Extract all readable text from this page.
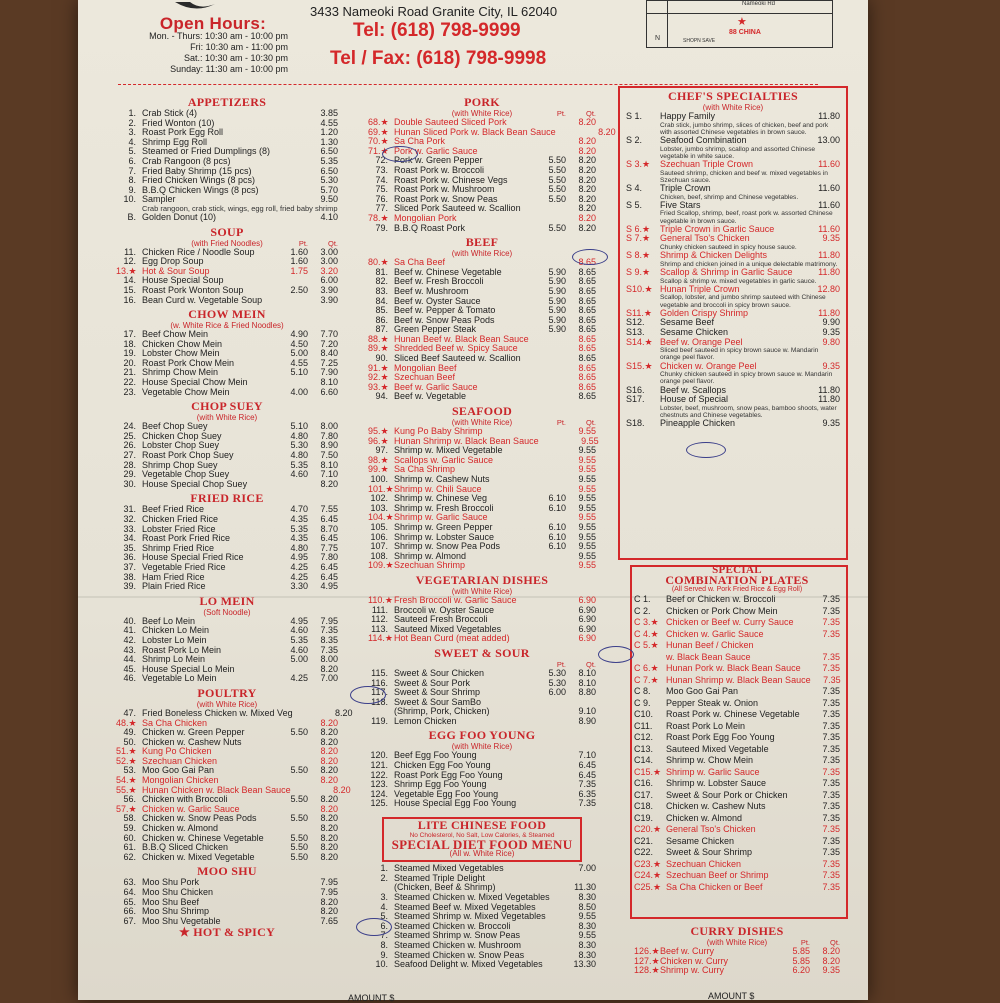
Open Hours:
Mon. - Thurs: 10:30 am - 10:00 pm
Fri: 10:30 am - 11:00 pm
Sat.: 10:30 am - 10:30 pm
Sunday: 11:30 am - 10:00 pm
3433 Nameoki Road Granite City, IL 62040
Tel: (618) 798-9999
Tel / Fax: (618) 798-9998
Nameoki Rd
★
88 CHINA
SHOPN SAVE
N
APPETIZERS
1. Crab Stick (4)	3.85
2. Fried Wonton (10)	4.55
3. Roast Pork Egg Roll	1.20
4. Shrimp Egg Roll	1.30
5. Steamed or Fried Dumplings (8)	6.50
6. Crab Rangoon (8 pcs)	5.35
7. Fried Baby Shrimp (15 pcs)	6.50
8. Fried Chicken Wings (8 pcs)	5.30
9. B.B.Q Chicken Wings (8 pcs)	5.70
10. Sampler	9.50
Crab rangoon, crab stick, wings, egg roll, fried baby shrimp
B. Golden Donut (10)	4.10
SOUP
(with Fried Noodles)	Pt.	Qt.
11. Chicken Rice / Noodle Soup	1.60	3.00
12. Egg Drop Soup	1.60	3.00
13.★ Hot & Sour Soup	1.75	3.20
14. House Special Soup	6.00
15. Roast Pork Wonton Soup	2.50	3.90
16. Bean Curd w. Vegetable Soup	3.90
CHOW MEIN
(w. White Rice & Fried Noodles)
17. Beef Chow Mein	4.90	7.70
18. Chicken Chow Mein	4.50	7.20
19. Lobster Chow Mein	5.00	8.40
20. Roast Pork Chow Mein	4.55	7.25
21. Shrimp Chow Mein	5.10	7.90
22. House Special Chow Mein	8.10
23. Vegetable Chow Mein	4.00	6.60
CHOP SUEY
(with White Rice)
24. Beef Chop Suey	5.10	8.00
25. Chicken Chop Suey	4.80	7.80
26. Lobster Chop Suey	5.30	8.90
27. Roast Pork Chop Suey	4.80	7.50
28. Shrimp Chop Suey	5.35	8.10
29. Vegetable Chop Suey	4.60	7.10
30. House Special Chop Suey	8.20
FRIED RICE
31. Beef Fried Rice	4.70	7.55
32. Chicken Fried Rice	4.35	6.45
33. Lobster Fried Rice	5.35	8.70
34. Roast Pork Fried Rice	4.35	6.45
35. Shrimp Fried Rice	4.80	7.75
36. House Special Fried Rice	4.95	7.80
37. Vegetable Fried Rice	4.25	6.45
38. Ham Fried Rice	4.25	6.45
39. Plain Fried Rice	3.30	4.95
LO MEIN
(Soft Noodle)
40. Beef Lo Mein	4.95	7.95
41. Chicken Lo Mein	4.60	7.35
42. Lobster Lo Mein	5.35	8.35
43. Roast Pork Lo Mein	4.60	7.35
44. Shrimp Lo Mein	5.00	8.00
45. House Special Lo Mein	8.20
46. Vegetable Lo Mein	4.25	7.00
POULTRY
(with White Rice)
47. Fried Boneless Chicken w. Mixed Veg	8.20
48.★ Sa Cha Chicken	8.20
49. Chicken w. Green Pepper	5.50	8.20
50. Chicken w. Cashew Nuts	8.20
51.★ Kung Po Chicken	8.20
52.★ Szechuan Chicken	8.20
53. Moo Goo Gai Pan	5.50	8.20
54.★ Mongolian Chicken	8.20
55.★ Hunan Chicken w. Black Bean Sauce	8.20
56. Chicken with Broccoli	5.50	8.20
57.★ Chicken w. Garlic Sauce	8.20
58. Chicken w. Snow Peas Pods	5.50	8.20
59. Chicken w. Almond	8.20
60. Chicken w. Chinese Vegetable	5.50	8.20
61. B.B.Q Sliced Chicken	5.50	8.20
62. Chicken w. Mixed Vegetable	5.50	8.20
MOO SHU
63. Moo Shu Pork	7.95
64. Moo Shu Chicken	7.95
65. Moo Shu Beef	8.20
66. Moo Shu Shrimp	8.20
67. Moo Shu Vegetable	7.65
★ HOT & SPICY
PORK
(with White Rice)	Pt.	Qt.
68.★ Double Sauteed Sliced Pork	8.20
69.★ Hunan Sliced Pork w. Black Bean Sauce	8.20
70.★ Sa Cha Pork	8.20
71.★ Pork w. Garlic Sauce	8.20
72. Pork w. Green Pepper	5.50	8.20
73. Roast Pork w. Broccoli	5.50	8.20
74. Roast Pork w. Chinese Vegs	5.50	8.20
75. Roast Pork w. Mushroom	5.50	8.20
76. Roast Pork w. Snow Peas	5.50	8.20
77. Sliced Pork Sauteed w. Scallion	8.20
78.★ Mongolian Pork	8.20
79. B.B.Q Roast Pork	5.50	8.20
BEEF
(with White Rice)
80.★ Sa Cha Beef	8.65
81. Beef w. Chinese Vegetable	5.90	8.65
82. Beef w. Fresh Broccoli	5.90	8.65
83. Beef w. Mushroom	5.90	8.65
84. Beef w. Oyster Sauce	5.90	8.65
85. Beef w. Pepper & Tomato	5.90	8.65
86. Beef w. Snow Peas Pods	5.90	8.65
87. Green Pepper Steak	5.90	8.65
88.★ Hunan Beef w. Black Bean Sauce	8.65
89.★ Shredded Beef w. Spicy Sauce	8.65
90. Sliced Beef Sauteed w. Scallion	8.65
91.★ Mongolian Beef	8.65
92.★ Szechuan Beef	8.65
93.★ Beef w. Garlic Sauce	8.65
94. Beef w. Vegetable	8.65
SEAFOOD
(with White Rice)	Pt.	Qt.
95.★ Kung Po Baby Shrimp	9.55
96.★ Hunan Shrimp w. Black Bean Sauce	9.55
97. Shrimp w. Mixed Vegetable	9.55
98.★ Scallops w. Garlic Sauce	9.55
99.★ Sa Cha Shrimp	9.55
100. Shrimp w. Cashew Nuts	9.55
101.★ Shrimp w. Chili Sauce	9.55
102. Shrimp w. Chinese Veg	6.10	9.55
103. Shrimp w. Fresh Broccoli	6.10	9.55
104.★ Shrimp w. Garlic Sauce	9.55
105. Shrimp w. Green Pepper	6.10	9.55
106. Shrimp w. Lobster Sauce	6.10	9.55
107. Shrimp w. Snow Pea Pods	6.10	9.55
108. Shrimp w. Almond	9.55
109.★ Szechuan Shrimp	9.55
VEGETARIAN DISHES
(with White Rice)
110.★ Fresh Broccoli w. Garlic Sauce	6.90
111. Broccoli w. Oyster Sauce	6.90
112. Sauteed Fresh Broccoli	6.90
113. Sauteed Mixed Vegetables	6.90
114.★ Hot Bean Curd (meat added)	6.90
SWEET & SOUR
Pt.	Qt.
115. Sweet & Sour Chicken	5.30	8.10
116. Sweet & Sour Pork	5.30	8.10
117. Sweet & Sour Shrimp	6.00	8.80
118. Sweet & Sour SamBo
(Shrimp, Pork, Chicken)	9.10
119. Lemon Chicken	8.90
EGG FOO YOUNG
(with White Rice)
120. Beef Egg Foo Young	7.10
121. Chicken Egg Foo Young	6.45
122. Roast Pork Egg Foo Young	6.45
123. Shrimp Egg Foo Young	7.35
124. Vegetable Egg Foo Young	6.35
125. House Special Egg Foo Young	7.35
LITE CHINESE FOOD
No Cholesterol, No Salt, Low Calories, & Steamed
SPECIAL DIET FOOD MENU
(All w. White Rice)
1. Steamed Mixed Vegetables	7.00
2. Steamed Triple Delight
(Chicken, Beef & Shrimp)	11.30
3. Steamed Chicken w. Mixed Vegetables	8.30
4. Steamed Beef w. Mixed Vegetables	8.50
5. Steamed Shrimp w. Mixed Vegetables	9.55
6. Steamed Chicken w. Broccoli	8.30
7. Steamed Shrimp w. Snow Peas	9.55
8. Steamed Chicken w. Mushroom	8.30
9. Steamed Chicken w. Snow Peas	8.30
10. Seafood Delight w. Mixed Vegetables	13.30
CHEF'S SPECIALTIES
(with White Rice)
S 1.	Happy Family	11.80
Crab stick, jumbo shrimp, slices of chicken, beef and pork with assorted Chinese vegetables in brown sauce.
S 2.	Seafood Combination	13.00
Lobster, jumbo shrimp, scallop and assorted Chinese vegetable in white sauce.
S 3.★	Szechuan Triple Crown	11.60
Sauteed shrimp, chicken and beef w. mixed vegetables in Szechuan sauce.
S 4.	Triple Crown	11.60
Chicken, beef, shrimp and Chinese vegetables.
S 5.	Five Stars	11.60
Fried Scallop, shrimp, beef, roast pork w. assorted Chinese vegetable in brown sauce.
S 6.★	Triple Crown in Garlic Sauce	11.60
S 7.★	General Tso's Chicken	9.35
Chunky chicken sauteed in spicy house sauce.
S 8.★	Shrimp & Chicken Delights	11.80
Shrimp and chicken joined in a unique delectable matrimony.
S 9.★	Scallop & Shrimp in Garlic Sauce	11.80
Scallop & shrimp w. mixed vegetables in garlic sauce.
S10.★ Hunan Triple Crown	12.80
Scallop, lobster, and jumbo shrimp sauteed with Chinese vegetable and broccoli in spicy brown sauce.
S11.★ Golden Crispy Shrimp	11.80
S12.	Sesame Beef	9.90
S13.	Sesame Chicken	9.35
S14.★ Beef w. Orange Peel	9.80
Sliced beef sauteed in spicy brown sauce w. Mandarin orange peel flavor.
S15.★ Chicken w. Orange Peel	9.35
Chunky chicken sauteed in spicy brown sauce w. Mandarin orange peel flavor.
S16.	Beef w. Scallops	11.80
S17.	House of Special	11.80
Lobster, beef, mushroom, snow peas, bamboo shoots, water chestnuts and Chinese vegetables.
S18.	Pineapple Chicken	9.35
SPECIAL
COMBINATION PLATES
(All Served w. Pork Fried Rice & Egg Roll)
C 1.	Beef or Chicken w. Broccoli	7.35
C 2.	Chicken or Pork Chow Mein	7.35
C 3.★ Chicken or Beef w. Curry Sauce	7.35
C 4.★ Chicken w. Garlic Sauce	7.35
C 5.★ Hunan Beef / Chicken
w. Black Bean Sauce	7.35
C 6.★ Hunan Pork w. Black Bean Sauce	7.35
C 7.★ Hunan Shrimp w. Black Bean Sauce	7.35
C 8.	Moo Goo Gai Pan	7.35
C 9.	Pepper Steak w. Onion	7.35
C10.	Roast Pork w. Chinese Vegetable	7.35
C11.	Roast Pork Lo Mein	7.35
C12.	Roast Pork Egg Foo Young	7.35
C13.	Sauteed Mixed Vegetable	7.35
C14.	Shrimp w. Chow Mein	7.35
C15.★ Shrimp w. Garlic Sauce	7.35
C16.	Shrimp w. Lobster Sauce	7.35
C17.	Sweet & Sour Pork or Chicken	7.35
C18.	Chicken w. Cashew Nuts	7.35
C19.	Chicken w. Almond	7.35
C20.★ General Tso's Chicken	7.35
C21.	Sesame Chicken	7.35
C22.	Sweet & Sour Shrimp	7.35
C23.★ Szechuan Chicken	7.35
C24.★ Szechuan Beef or Shrimp	7.35
C25.★ Sa Cha Chicken or Beef	7.35
CURRY DISHES
(with White Rice)	Pt.	Qt.
126.★ Beef w. Curry	5.85	8.20
127.★ Chicken w. Curry	5.85	8.20
128.★ Shrimp w. Curry	6.20	9.35
AMOUNT $	AMOUNT $
